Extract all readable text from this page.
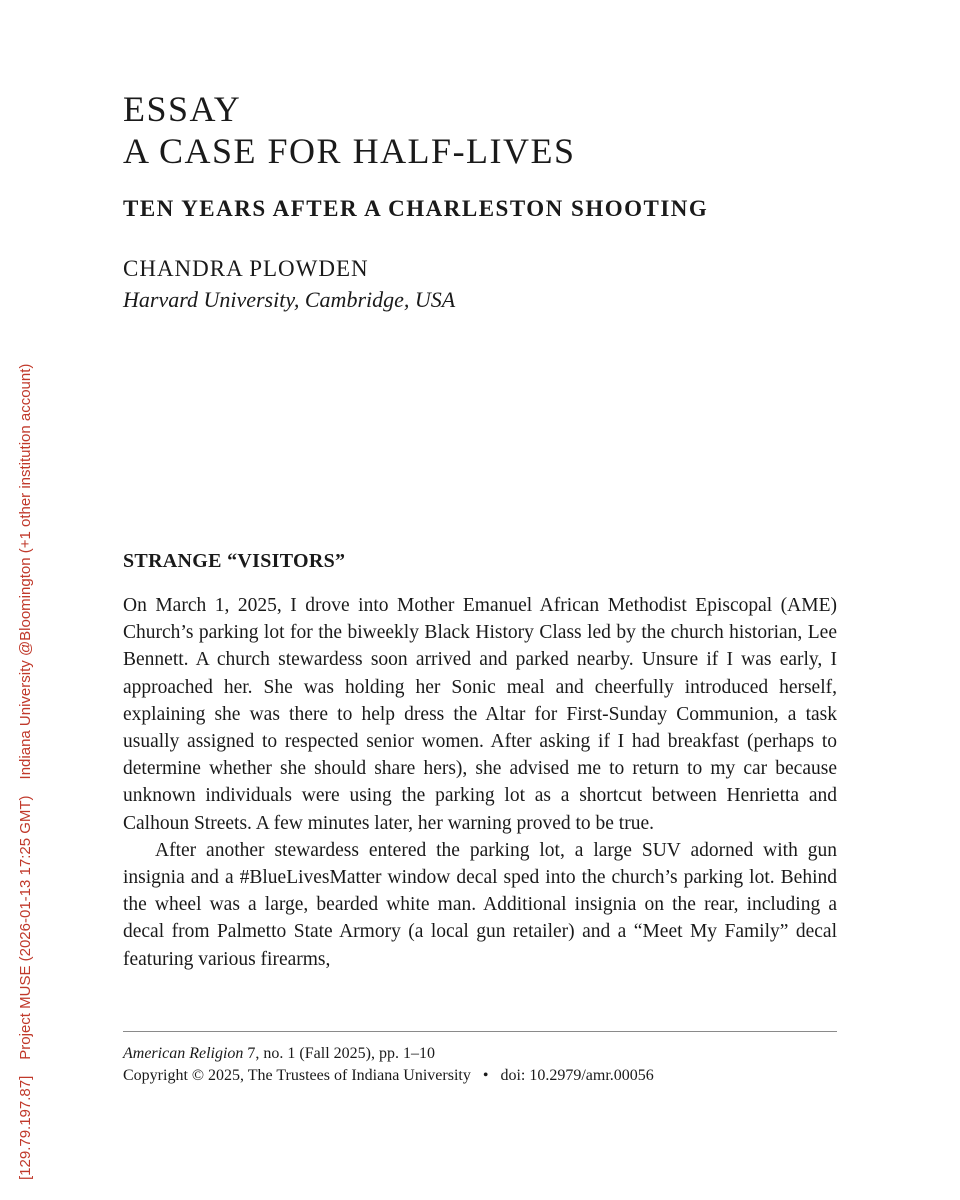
[129.79.197.87]Project MUSE (2026-01-13 17:25 GMT)Indiana University @Bloomington (+1 other institution account)
ESSAY
A CASE FOR HALF-LIVES
TEN YEARS AFTER A CHARLESTON SHOOTING

CHANDRA PLOWDEN

Harvard University, Cambridge, USA

STRANGE “VISITORS”

On March 1, 2025, I drove into Mother Emanuel African Methodist Episcopal (AME) Church’s parking lot for the biweekly Black History Class led by the church historian, Lee Bennett. A church stewardess soon arrived and parked nearby. Unsure if I was early, I approached her. She was holding her Sonic meal and cheerfully introduced herself, explaining she was there to help dress the Altar for First-Sunday Communion, a task usually assigned to respected senior women. After asking if I had breakfast (perhaps to determine whether she should share hers), she advised me to return to my car because unknown individuals were using the parking lot as a shortcut between Henrietta and Calhoun Streets. A few minutes later, her warning proved to be true.

After another stewardess entered the parking lot, a large SUV adorned with gun insignia and a #BlueLivesMatter window decal sped into the church’s parking lot. Behind the wheel was a large, bearded white man. Additional insignia on the rear, including a decal from Palmetto State Armory (a local gun retailer) and a “Meet My Family” decal featuring various firearms,

American Religion 7, no. 1 (Fall 2025), pp. 1–10
Copyright © 2025, The Trustees of Indiana University • doi: 10.2979/amr.00056
